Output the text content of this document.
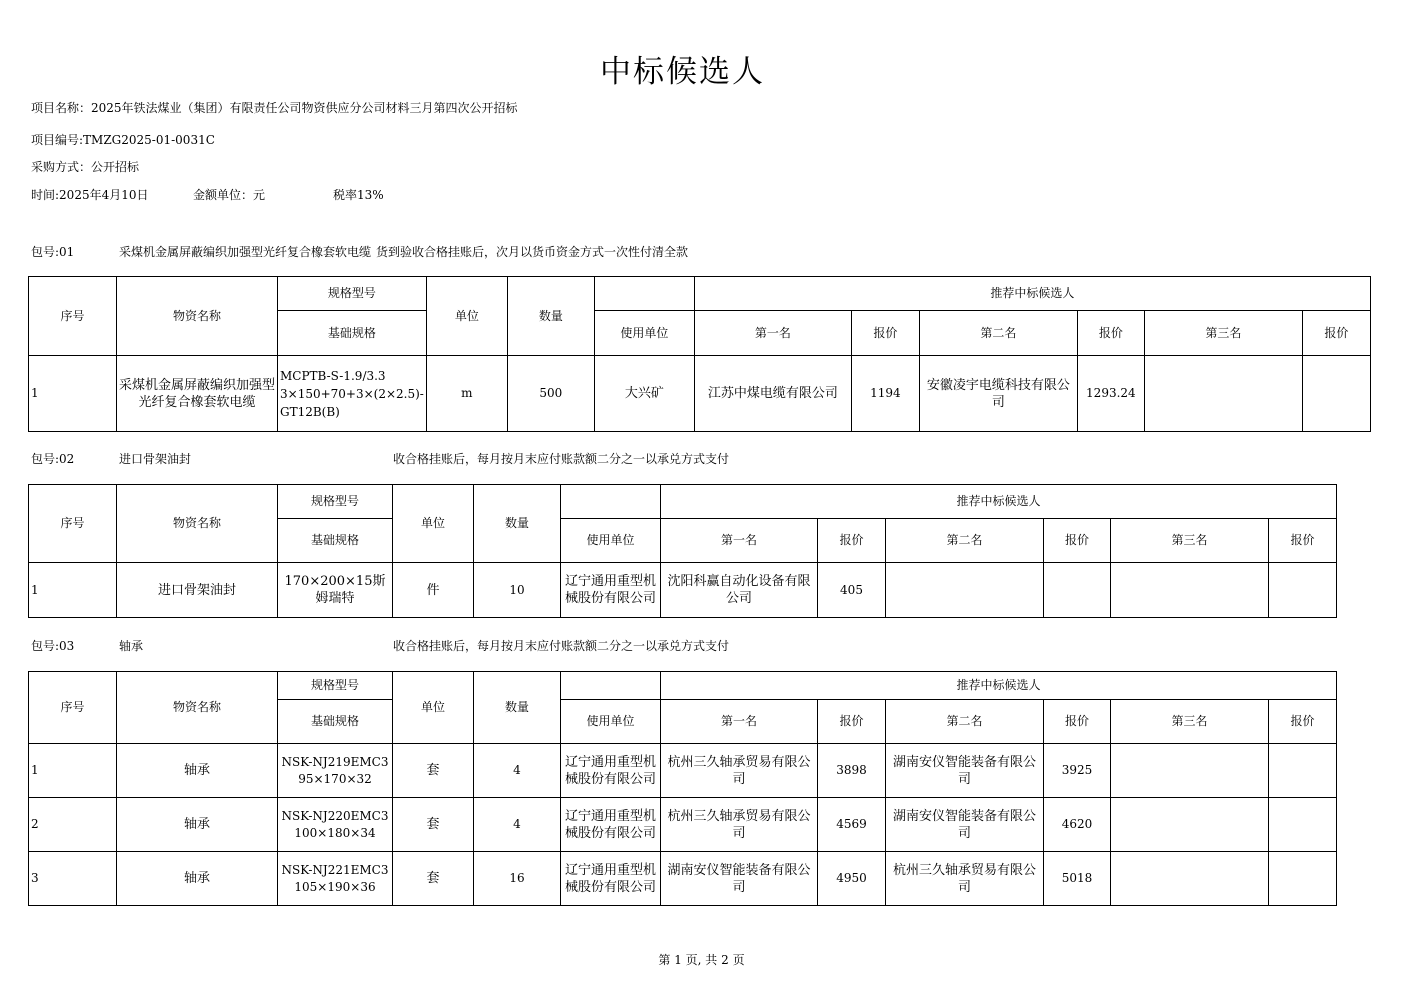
中标候选人
项目名称：2025年铁法煤业（集团）有限责任公司物资供应分公司材料三月第四次公开招标
项目编号:TMZG2025-01-0031C
采购方式：公开招标
时间:2025年4月10日	金额单位：元	税率13%
包号:01	采煤机金属屏蔽编织加强型光纤复合橡套软电缆 货到验收合格挂账后，次月以货币资金方式一次性付清全款
序号	物资名称	规格型号	单位	数量		推荐中标候选人					
		基础规格			使用单位	第一名	报价	第二名	报价	第三名	报价
1	采煤机金属屏蔽编织加强型光纤复合橡套软电缆	MCPTB-S-1.9/3.3 3×150+70+3×(2×2.5)-GT12B(B)	m	500	大兴矿	江苏中煤电缆有限公司	1194	安徽凌宇电缆科技有限公司	1293.24		
包号:02	进口骨架油封	收合格挂账后，每月按月末应付账款额二分之一以承兑方式支付
序号	物资名称	规格型号	单位	数量		推荐中标候选人					
		基础规格			使用单位	第一名	报价	第二名	报价	第三名	报价
1	进口骨架油封	170×200×15斯姆瑞特	件	10	辽宁通用重型机械股份有限公司	沈阳科赢自动化设备有限公司	405				
包号:03	轴承	收合格挂账后，每月按月末应付账款额二分之一以承兑方式支付
序号	物资名称	规格型号	单位	数量		推荐中标候选人					
		基础规格			使用单位	第一名	报价	第二名	报价	第三名	报价
1	轴承	NSK-NJ219EMC3 95×170×32	套	4	辽宁通用重型机械股份有限公司	杭州三久轴承贸易有限公司	3898	湖南安仪智能装备有限公司	3925		
2	轴承	NSK-NJ220EMC3 100×180×34	套	4	辽宁通用重型机械股份有限公司	杭州三久轴承贸易有限公司	4569	湖南安仪智能装备有限公司	4620		
3	轴承	NSK-NJ221EMC3 105×190×36	套	16	辽宁通用重型机械股份有限公司	湖南安仪智能装备有限公司	4950	杭州三久轴承贸易有限公司	5018		
第 1 页, 共 2 页
